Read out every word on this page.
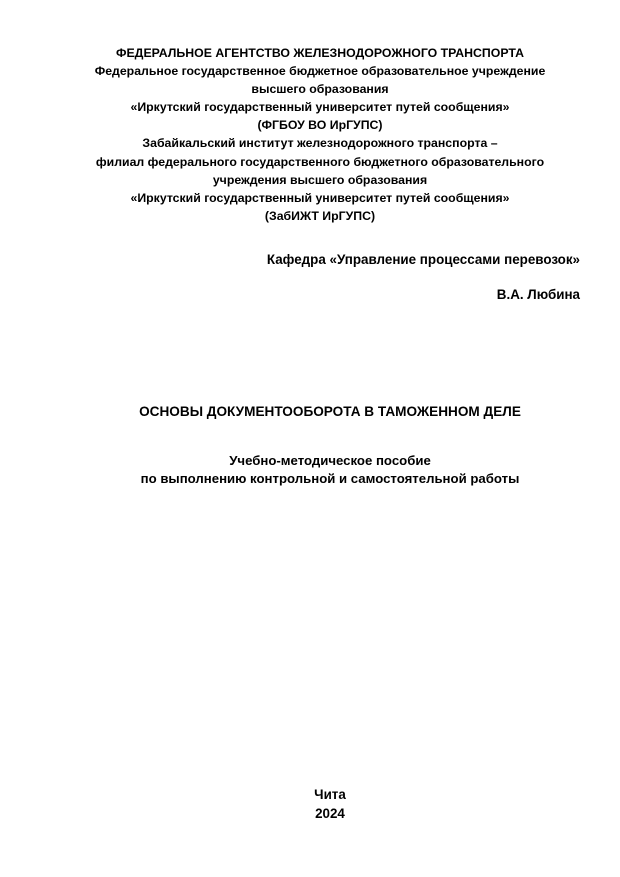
ФЕДЕРАЛЬНОЕ АГЕНТСТВО ЖЕЛЕЗНОДОРОЖНОГО ТРАНСПОРТА
Федеральное государственное бюджетное образовательное учреждение
высшего образования
«Иркутский государственный университет путей сообщения»
(ФГБОУ ВО ИрГУПС)
Забайкальский институт железнодорожного транспорта –
филиал федерального государственного бюджетного образовательного
учреждения высшего образования
«Иркутский государственный университет путей сообщения»
(ЗабИЖТ ИрГУПС)
Кафедра «Управление процессами перевозок»
В.А. Любина
ОСНОВЫ ДОКУМЕНТООБОРОТА В ТАМОЖЕННОМ ДЕЛЕ
Учебно-методическое пособие
по выполнению контрольной и самостоятельной работы
Чита
2024
